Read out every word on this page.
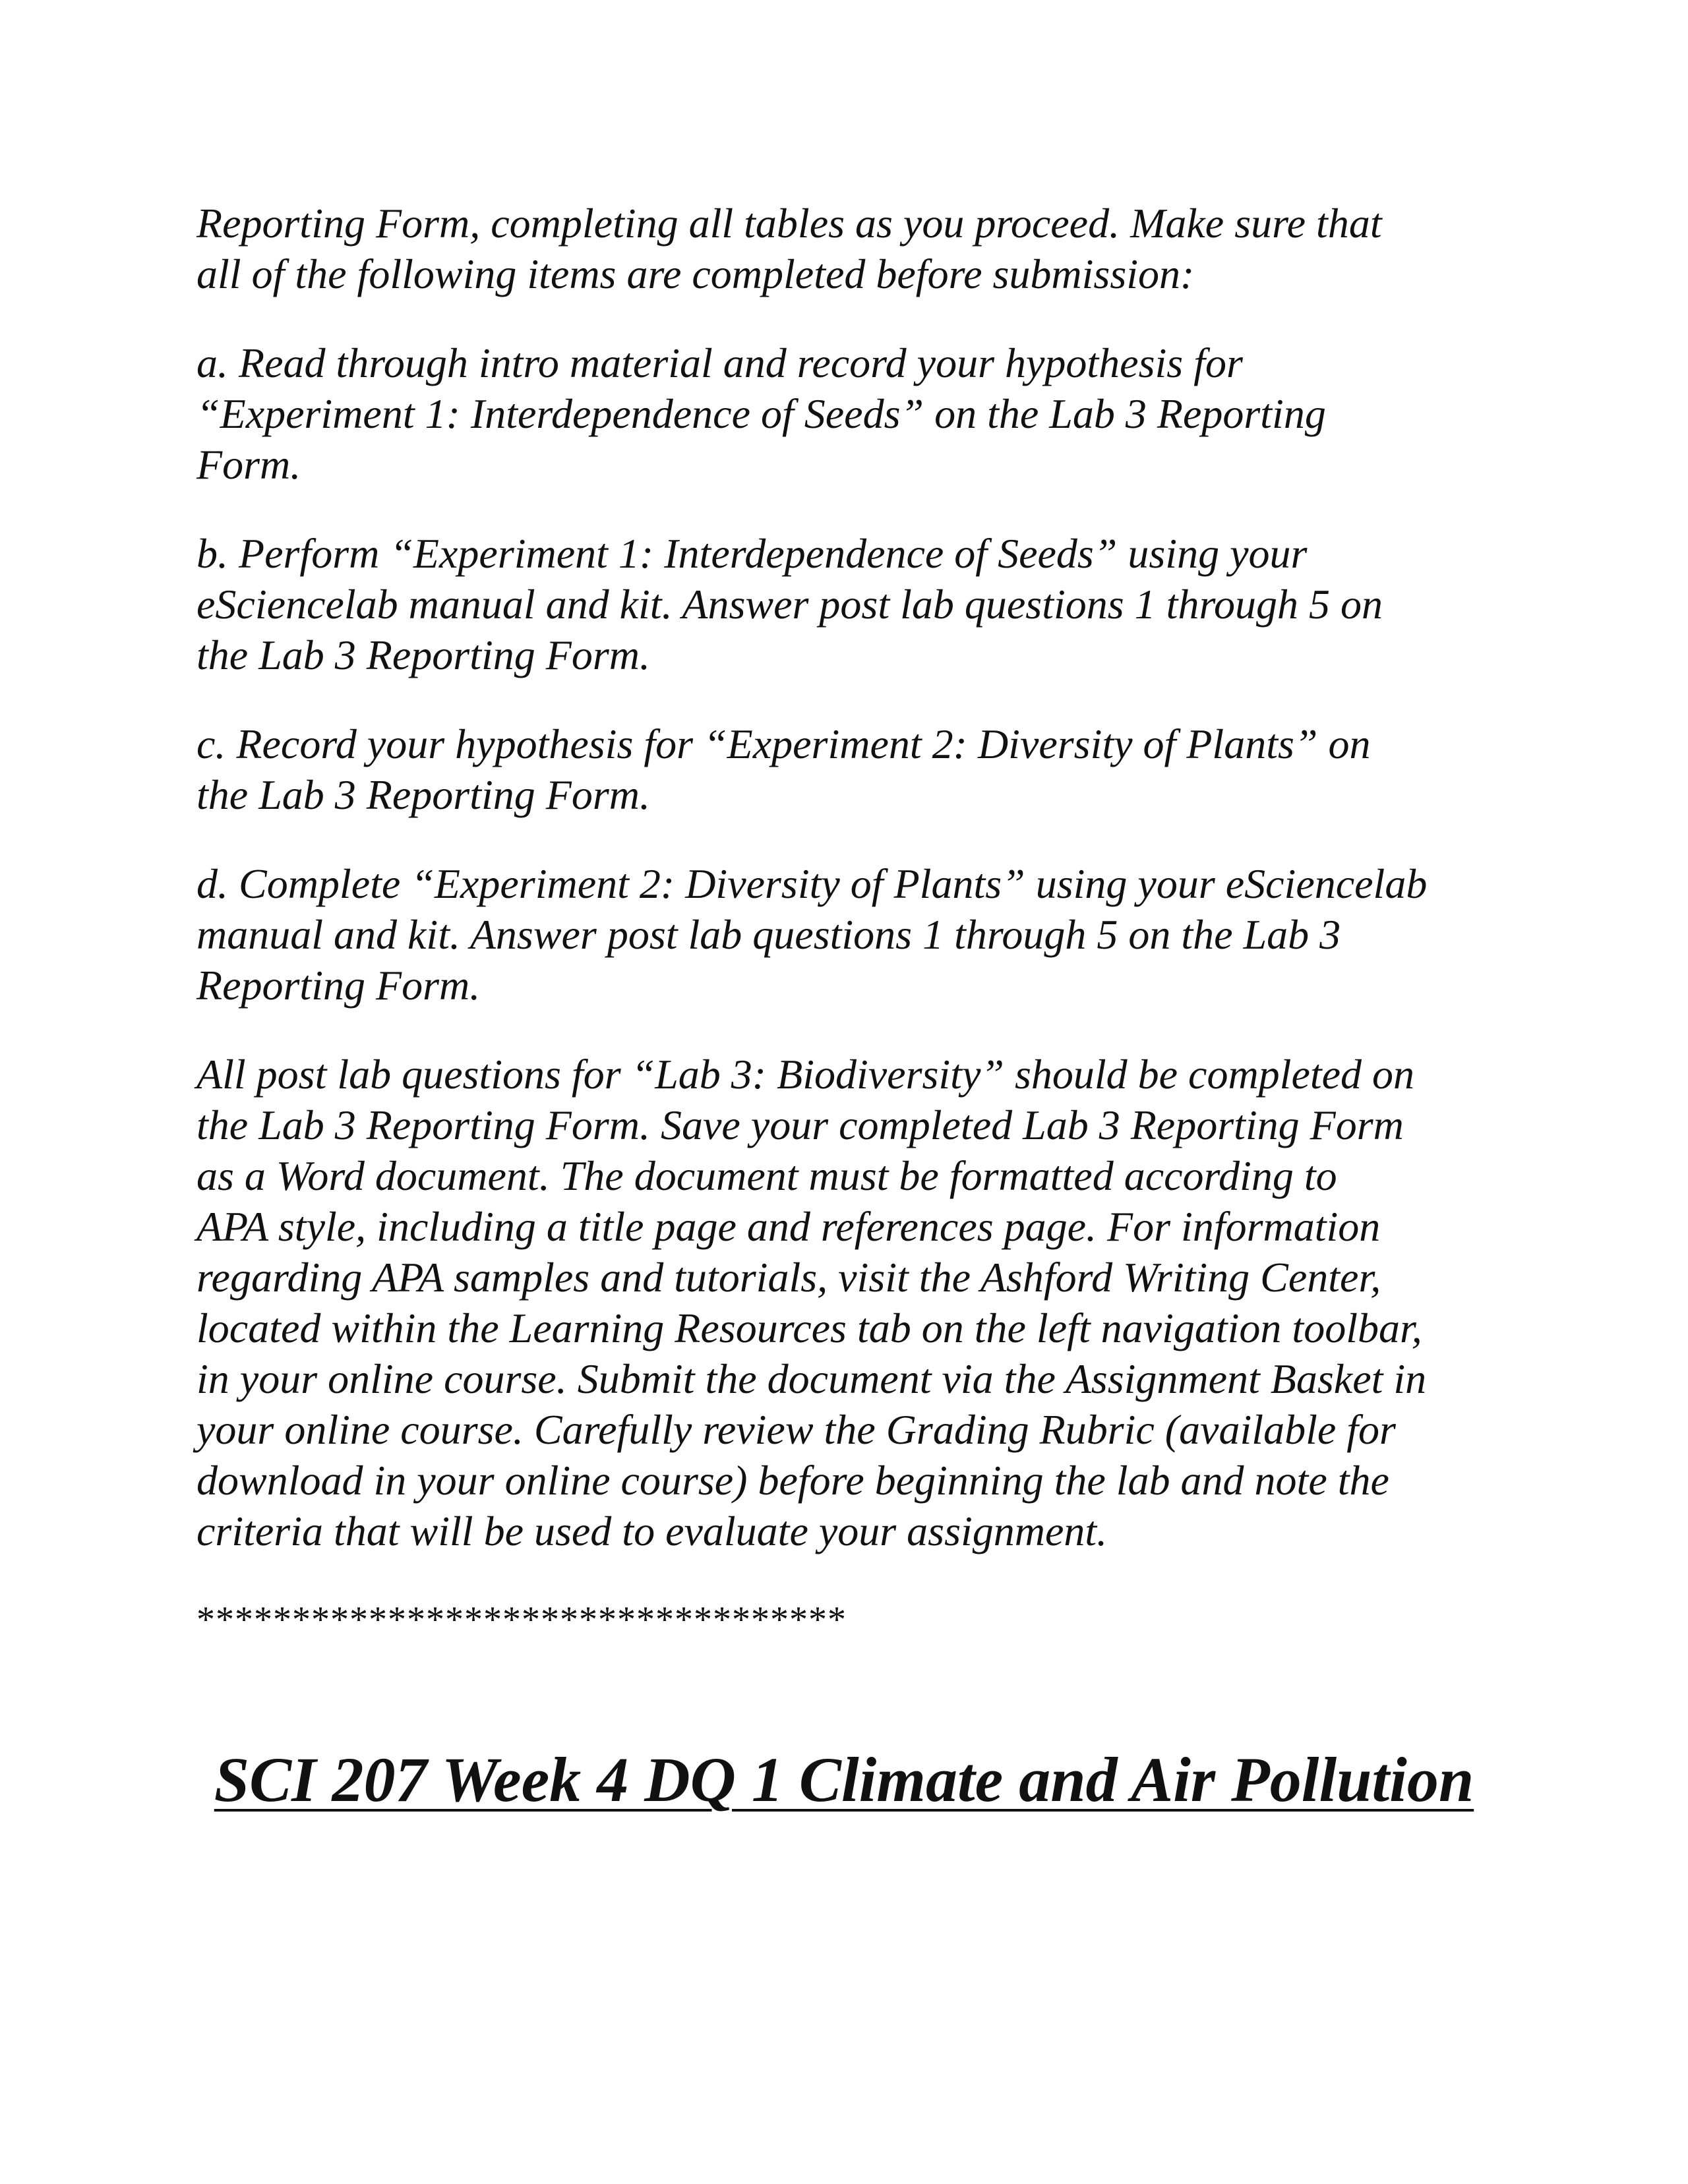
Reporting Form, completing all tables as you proceed. Make sure that
all of the following items are completed before submission:

a. Read through intro material and record your hypothesis for
“Experiment 1: Interdependence of Seeds” on the Lab 3 Reporting
Form.

b. Perform “Experiment 1: Interdependence of Seeds” using your
eSciencelab manual and kit. Answer post lab questions 1 through 5 on
the Lab 3 Reporting Form.

c. Record your hypothesis for “Experiment 2: Diversity of Plants” on
the Lab 3 Reporting Form.

d. Complete “Experiment 2: Diversity of Plants” using your eSciencelab
manual and kit. Answer post lab questions 1 through 5 on the Lab 3
Reporting Form.

All post lab questions for “Lab 3: Biodiversity” should be completed on
the Lab 3 Reporting Form. Save your completed Lab 3 Reporting Form
as a Word document. The document must be formatted according to
APA style, including a title page and references page. For information
regarding APA samples and tutorials, visit the Ashford Writing Center,
located within the Learning Resources tab on the left navigation toolbar,
in your online course. Submit the document via the Assignment Basket in
your online course. Carefully review the Grading Rubric (available for
download in your online course) before beginning the lab and note the
criteria that will be used to evaluate your assignment.

**********************************

SCI 207 Week 4 DQ 1 Climate and Air Pollution
